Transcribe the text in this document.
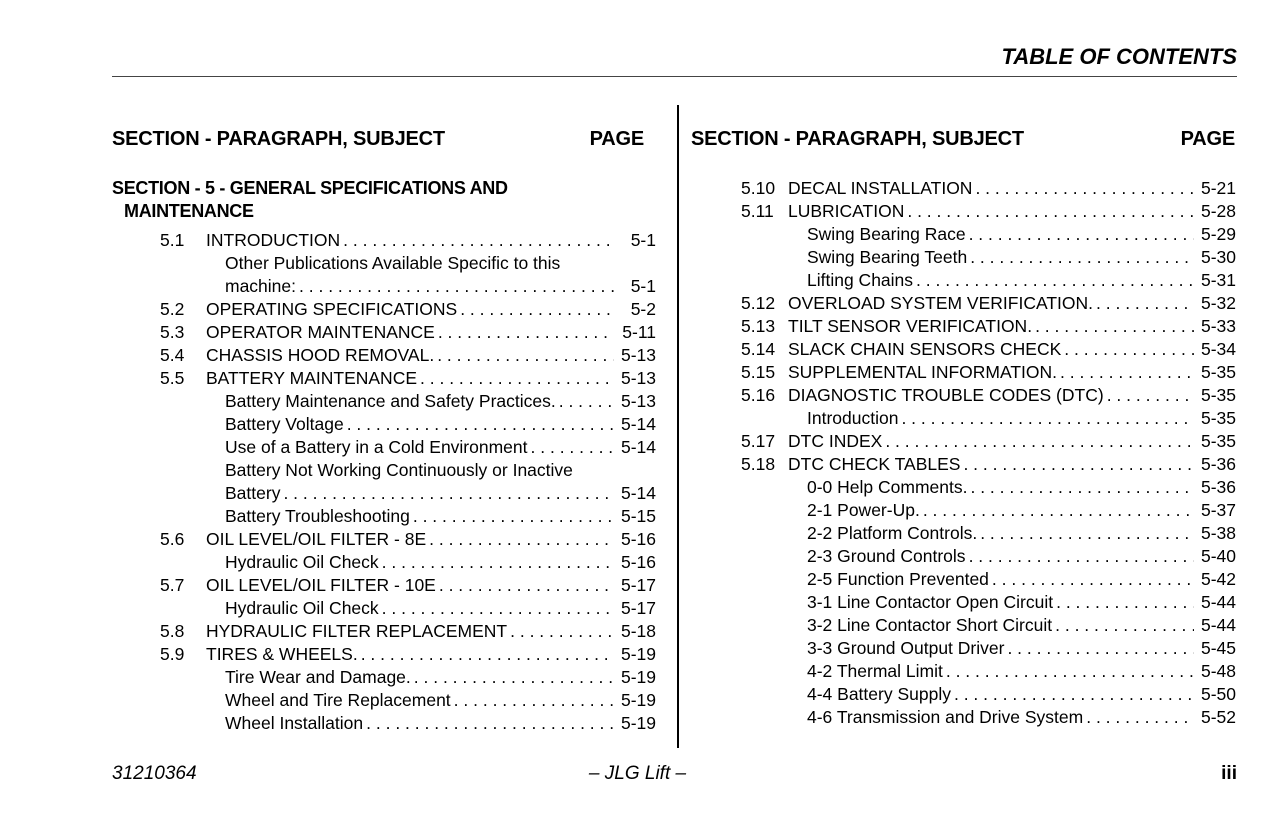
TABLE OF CONTENTS
SECTION - PARAGRAPH, SUBJECT	PAGE SECTION - PARAGRAPH, SUBJECT	PAGE
SECTION - 5 - GENERAL SPECIFICATIONS AND
MAINTENANCE
5.1 INTRODUCTION . . .	5-1
Other Publications Available Specific to this
machine: . . .	5-1
5.2 OPERATING SPECIFICATIONS . . .	5-2
5.3 OPERATOR MAINTENANCE . . .	5-11
5.4 CHASSIS HOOD REMOVAL. . . .	5-13
5.5 BATTERY MAINTENANCE . . .	5-13
Battery Maintenance and Safety Practices. . . .	5-13
Battery Voltage . . .	5-14
Use of a Battery in a Cold Environment . . .	5-14
Battery Not Working Continuously or Inactive
Battery . . .	5-14
Battery Troubleshooting . . .	5-15
5.6 OIL LEVEL/OIL FILTER - 8E . . .	5-16
Hydraulic Oil Check . . .	5-16
5.7 OIL LEVEL/OIL FILTER - 10E . . .	5-17
Hydraulic Oil Check . . .	5-17
5.8 HYDRAULIC FILTER REPLACEMENT . . .	5-18
5.9 TIRES & WHEELS. . . .	5-19
Tire Wear and Damage. . . .	5-19
Wheel and Tire Replacement . . .	5-19
Wheel Installation . . .	5-19
5.10 DECAL INSTALLATION . . .	5-21
5.11 LUBRICATION . . .	5-28
Swing Bearing Race . . .	5-29
Swing Bearing Teeth . . .	5-30
Lifting Chains . . .	5-31
5.12 OVERLOAD SYSTEM VERIFICATION. . . .	5-32
5.13 TILT SENSOR VERIFICATION. . . .	5-33
5.14 SLACK CHAIN SENSORS CHECK . . .	5-34
5.15 SUPPLEMENTAL INFORMATION. . . .	5-35
5.16 DIAGNOSTIC TROUBLE CODES (DTC) . . .	5-35
Introduction . . .	5-35
5.17 DTC INDEX . . .	5-35
5.18 DTC CHECK TABLES . . .	5-36
0-0 Help Comments. . . .	5-36
2-1 Power-Up. . . .	5-37
2-2 Platform Controls. . . .	5-38
2-3 Ground Controls . . .	5-40
2-5 Function Prevented . . .	5-42
3-1 Line Contactor Open Circuit . . .	5-44
3-2 Line Contactor Short Circuit . . .	5-44
3-3 Ground Output Driver . . .	5-45
4-2 Thermal Limit . . .	5-48
4-4 Battery Supply . . .	5-50
4-6 Transmission and Drive System . . .	5-52
31210364	– JLG Lift –	iii
